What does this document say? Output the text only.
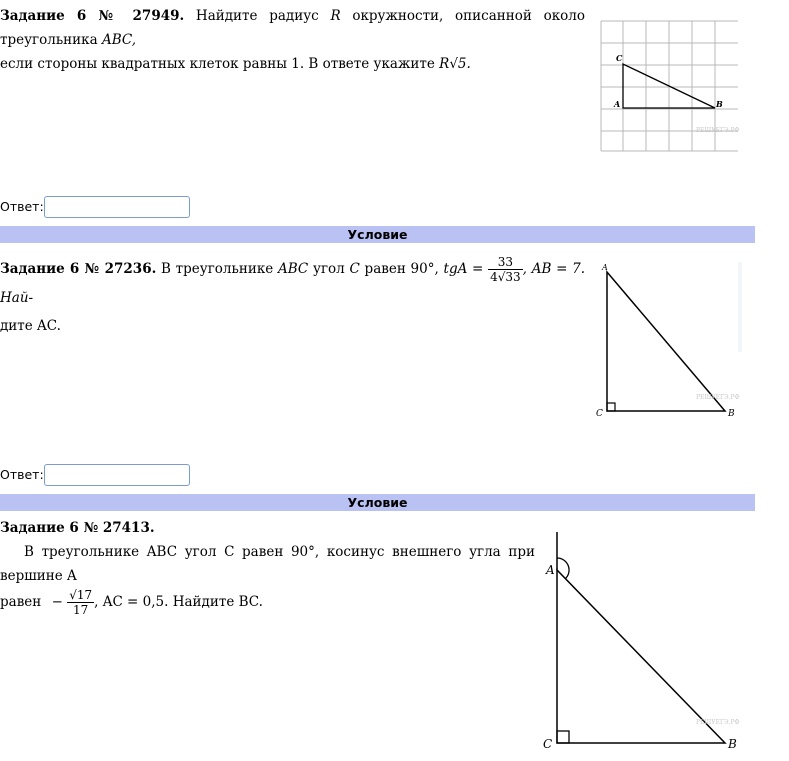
Задание 6 № 27949. Найдите радиус R окружности, описанной около треугольника ABC,
если стороны квадратных клеток равны 1. В ответе укажите R√5.	C
A	B
РЕШУЕГЭ.РФ
Ответ:
Условие
Задание 6 № 27236. В треугольнике ABC угол C равен 90°, tgA = $\frac{33}{4√33}$ , AB = 7. Най-
дите AC.
A
C	B
РЕШУЕГЭ.РФ
Ответ:
Условие
Задание 6 № 27413.
В треугольнике ABC угол C равен 90°, косинус внешнего угла при вершине A
равен − $\frac{√17}{17}$ , AC = 0,5. Найдите BC.
A
C	B
РЕШУЕГЭ.РФ
